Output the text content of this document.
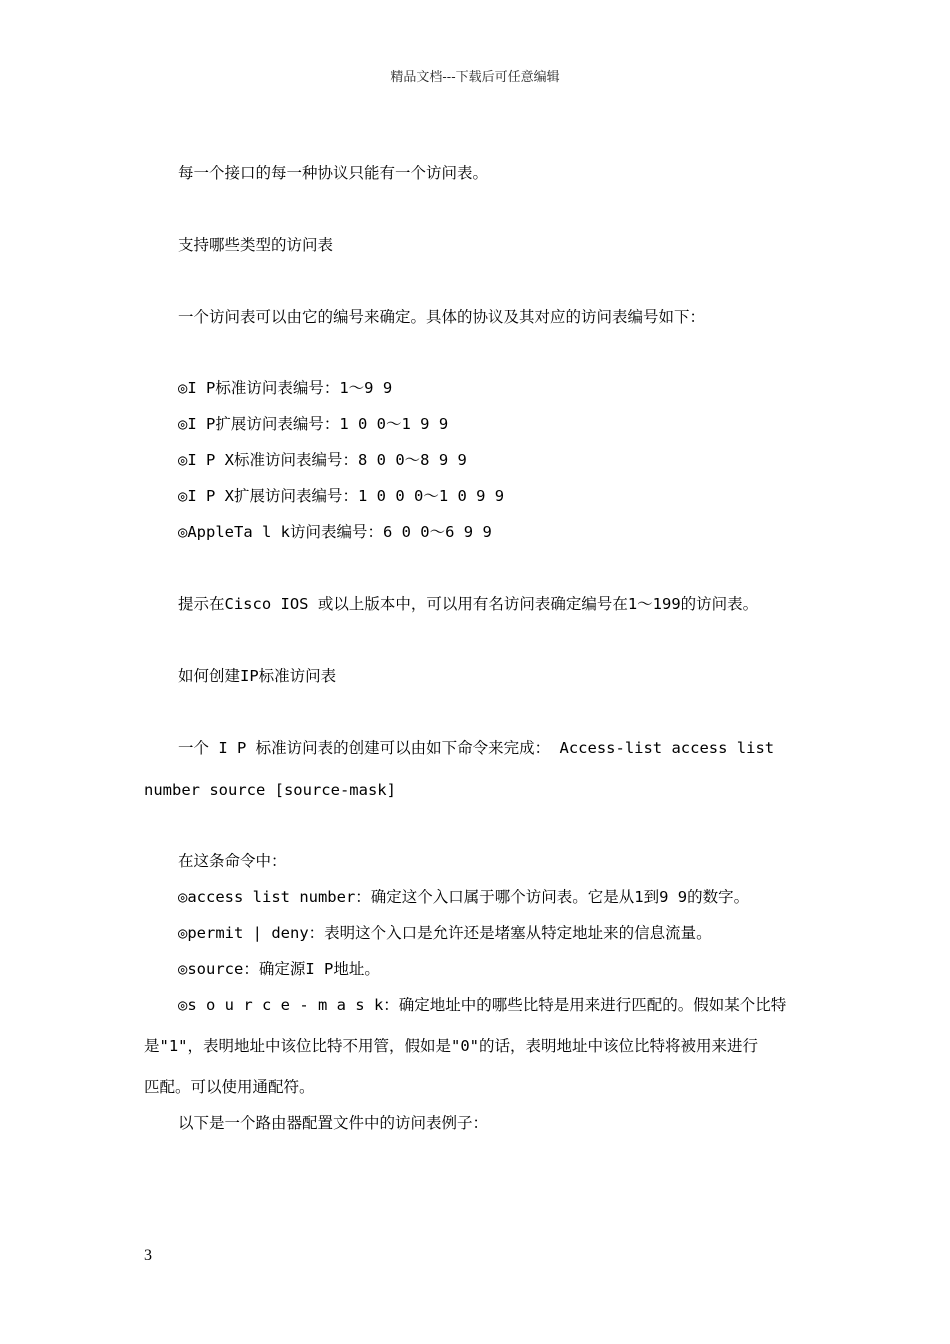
精品文档---下载后可任意编辑
每一个接口的每一种协议只能有一个访问表。
支持哪些类型的访问表
一个访问表可以由它的编号来确定。具体的协议及其对应的访问表编号如下：
◎I P标准访问表编号：1～9 9
◎I P扩展访问表编号：1 0 0～1 9 9
◎I P X标准访问表编号：8 0 0～8 9 9
◎I P X扩展访问表编号：1 0 0 0～1 0 9 9
◎AppleTa l k访问表编号：6 0 0～6 9 9
提示在Cisco IOS 或以上版本中，可以用有名访问表确定编号在1～199的访问表。
如何创建IP标准访问表
一个 I P 标准访问表的创建可以由如下命令来完成： Access-list access list
number source [source-mask]
在这条命令中：
◎access list number：确定这个入口属于哪个访问表。它是从1到9 9的数字。
◎permit | deny：表明这个入口是允许还是堵塞从特定地址来的信息流量。
◎source：确定源I P地址。
◎s o u r c e - m a s k：确定地址中的哪些比特是用来进行匹配的。假如某个比特
是"1"，表明地址中该位比特不用管，假如是"0"的话，表明地址中该位比特将被用来进行
匹配。可以使用通配符。
以下是一个路由器配置文件中的访问表例子：
3
